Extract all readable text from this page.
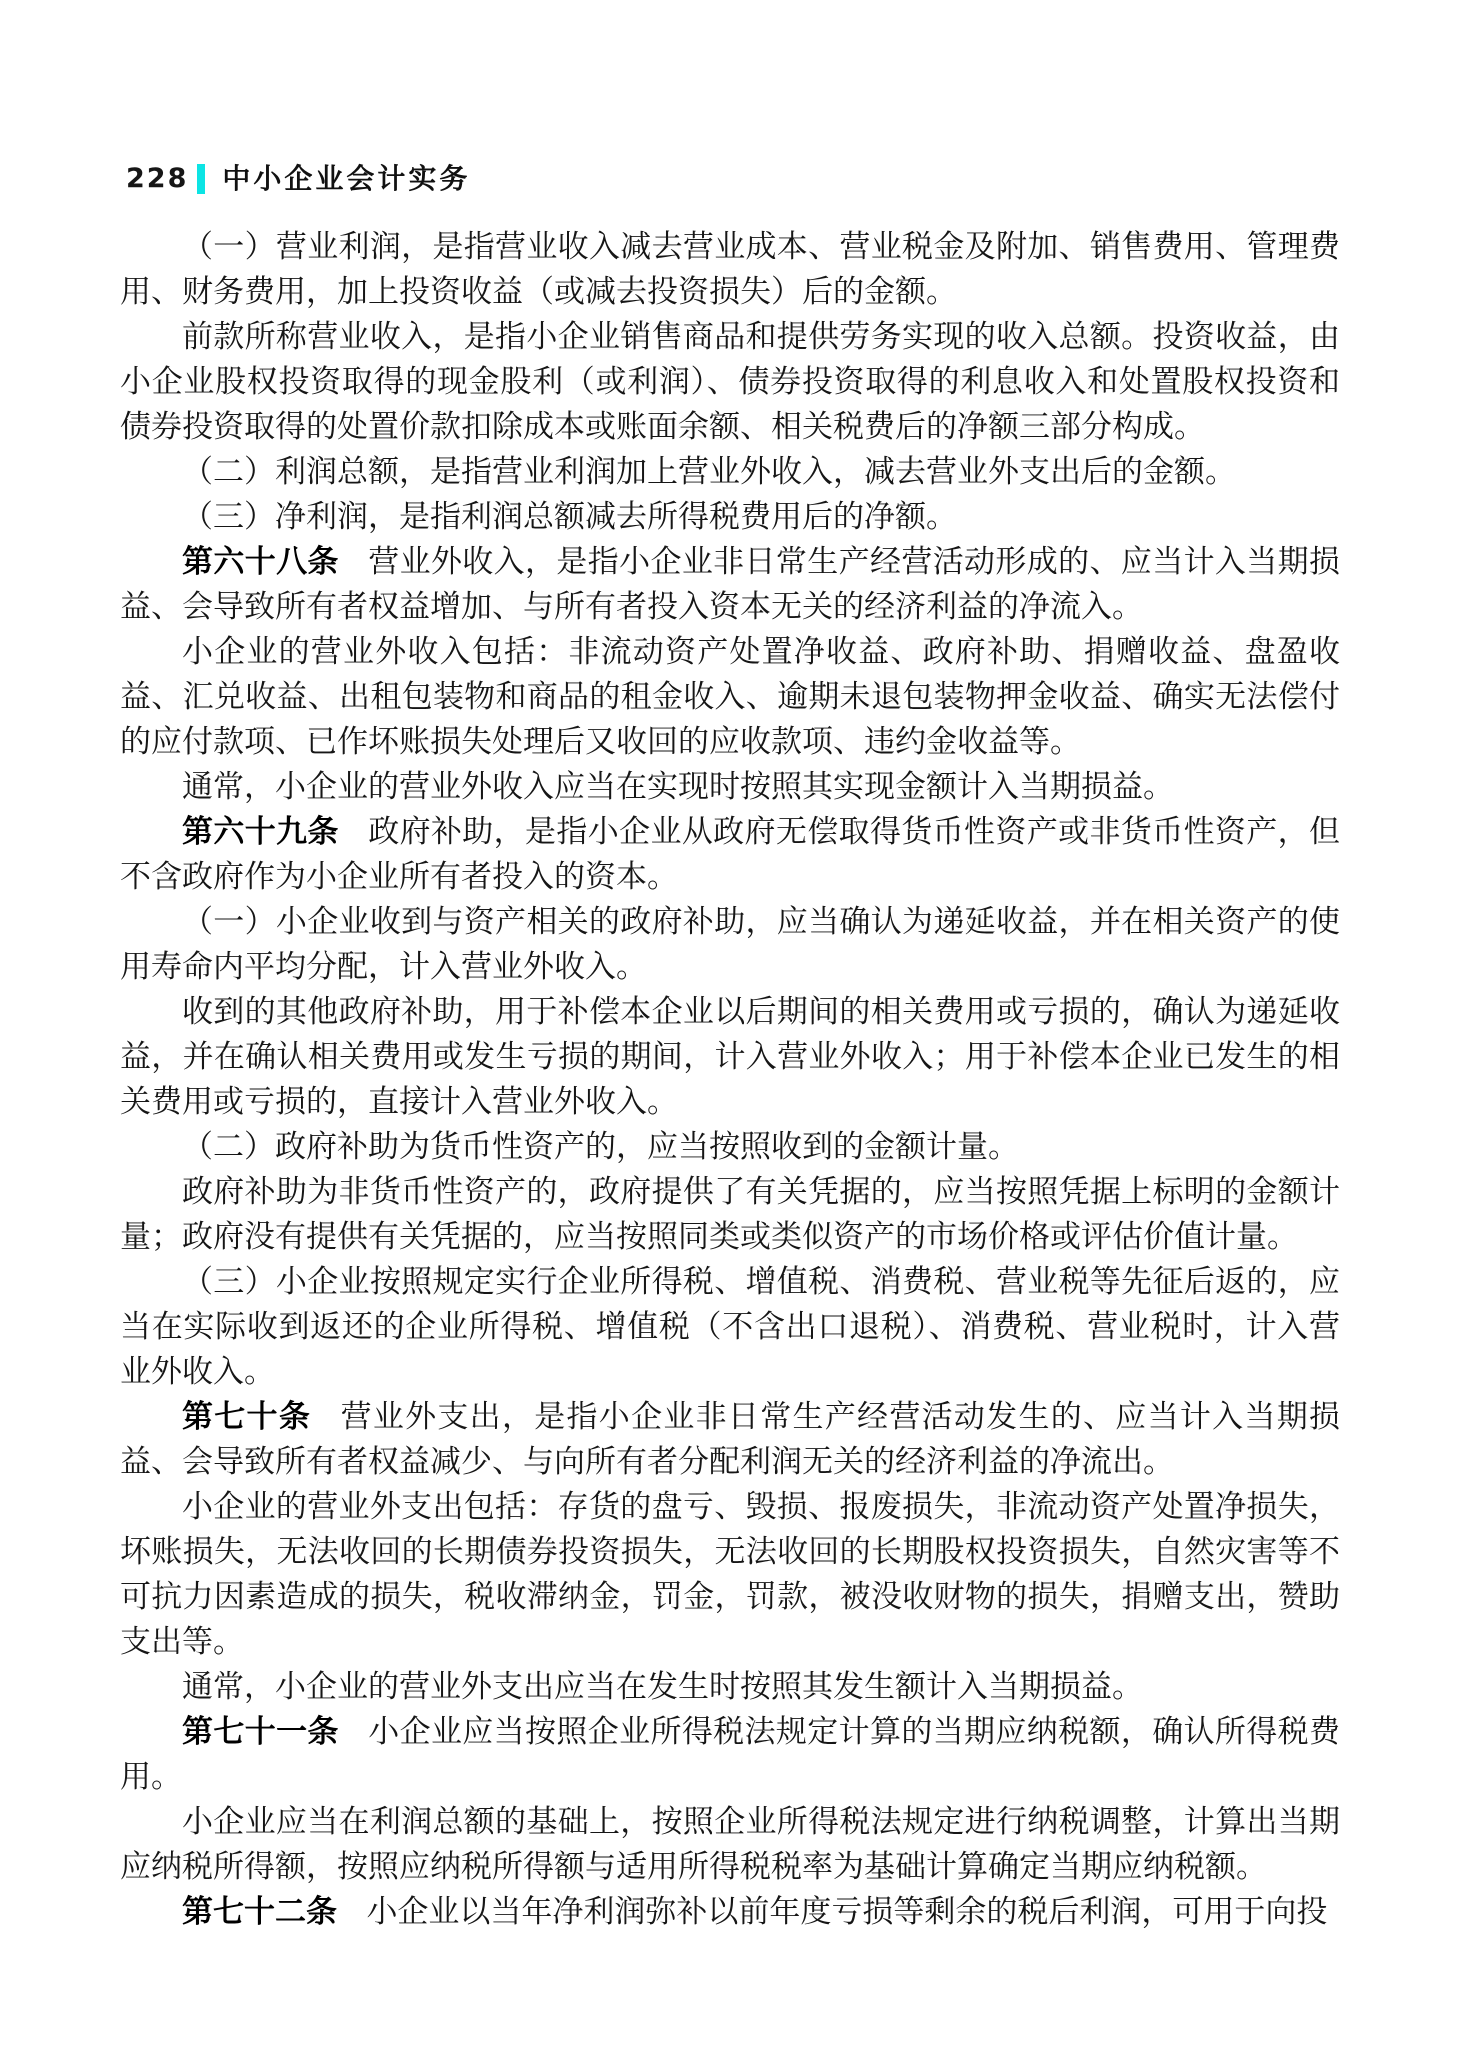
228 中小企业会计实务

（一）营业利润，是指营业收入减去营业成本、营业税金及附加、销售费用、管理费用、财务费用，加上投资收益（或减去投资损失）后的金额。

前款所称营业收入，是指小企业销售商品和提供劳务实现的收入总额。投资收益，由小企业股权投资取得的现金股利（或利润）、债券投资取得的利息收入和处置股权投资和债券投资取得的处置价款扣除成本或账面余额、相关税费后的净额三部分构成。

（二）利润总额，是指营业利润加上营业外收入，减去营业外支出后的金额。

（三）净利润，是指利润总额减去所得税费用后的净额。

第六十八条 营业外收入，是指小企业非日常生产经营活动形成的、应当计入当期损益、会导致所有者权益增加、与所有者投入资本无关的经济利益的净流入。

小企业的营业外收入包括：非流动资产处置净收益、政府补助、捐赠收益、盘盈收益、汇兑收益、出租包装物和商品的租金收入、逾期未退包装物押金收益、确实无法偿付的应付款项、已作坏账损失处理后又收回的应收款项、违约金收益等。

通常，小企业的营业外收入应当在实现时按照其实现金额计入当期损益。

第六十九条 政府补助，是指小企业从政府无偿取得货币性资产或非货币性资产，但不含政府作为小企业所有者投入的资本。

（一）小企业收到与资产相关的政府补助，应当确认为递延收益，并在相关资产的使用寿命内平均分配，计入营业外收入。

收到的其他政府补助，用于补偿本企业以后期间的相关费用或亏损的，确认为递延收益，并在确认相关费用或发生亏损的期间，计入营业外收入；用于补偿本企业已发生的相关费用或亏损的，直接计入营业外收入。

（二）政府补助为货币性资产的，应当按照收到的金额计量。

政府补助为非货币性资产的，政府提供了有关凭据的，应当按照凭据上标明的金额计量；政府没有提供有关凭据的，应当按照同类或类似资产的市场价格或评估价值计量。

（三）小企业按照规定实行企业所得税、增值税、消费税、营业税等先征后返的，应当在实际收到返还的企业所得税、增值税（不含出口退税）、消费税、营业税时，计入营业外收入。

第七十条 营业外支出，是指小企业非日常生产经营活动发生的、应当计入当期损益、会导致所有者权益减少、与向所有者分配利润无关的经济利益的净流出。

小企业的营业外支出包括：存货的盘亏、毁损、报废损失，非流动资产处置净损失，坏账损失，无法收回的长期债券投资损失，无法收回的长期股权投资损失，自然灾害等不可抗力因素造成的损失，税收滞纳金，罚金，罚款，被没收财物的损失，捐赠支出，赞助支出等。

通常，小企业的营业外支出应当在发生时按照其发生额计入当期损益。

第七十一条 小企业应当按照企业所得税法规定计算的当期应纳税额，确认所得税费用。

小企业应当在利润总额的基础上，按照企业所得税法规定进行纳税调整，计算出当期应纳税所得额，按照应纳税所得额与适用所得税税率为基础计算确定当期应纳税额。

第七十二条 小企业以当年净利润弥补以前年度亏损等剩余的税后利润，可用于向投
